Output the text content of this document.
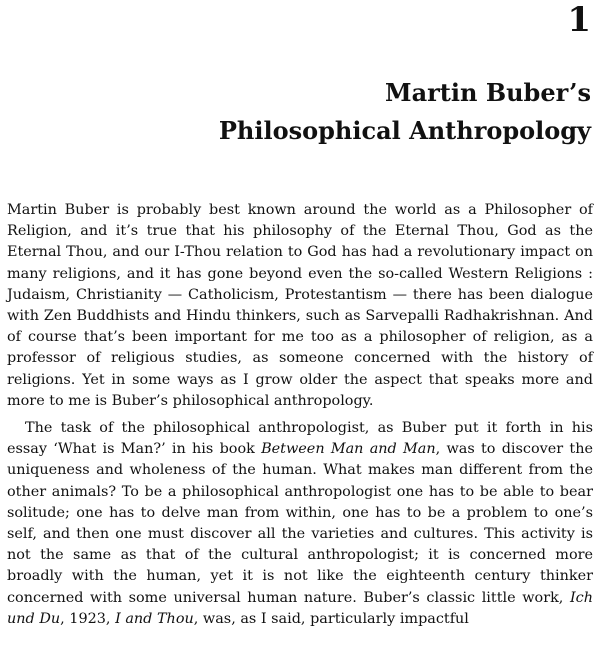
1
Martin Buber’s
Philosophical Anthropology

Martin Buber is probably best known around the world as a Philosopher of Religion, and it’s true that his philosophy of the Eternal Thou, God as the Eternal Thou, and our I-Thou relation to God has had a revolutionary impact on many religions, and it has gone beyond even the so-called Western Religions : Judaism, Christianity — Catholicism, Protestantism — there has been dialogue with Zen Buddhists and Hindu thinkers, such as Sarvepalli Radhakrishnan. And of course that’s been important for me too as a philosopher of religion, as a professor of religious studies, as someone concerned with the history of religions. Yet in some ways as I grow older the aspect that speaks more and more to me is Buber’s philosophical anthropology.

The task of the philosophical anthropologist, as Buber put it forth in his essay ‘What is Man?’ in his book Between Man and Man, was to discover the uniqueness and wholeness of the human. What makes man different from the other animals? To be a philosophical anthropologist one has to be able to bear solitude; one has to delve man from within, one has to be a problem to one’s self, and then one must discover all the varieties and cultures. This activity is not the same as that of the cultural anthropologist; it is concerned more broadly with the human, yet it is not like the eighteenth century thinker concerned with some universal human nature. Buber’s classic little work, Ich und Du, 1923, I and Thou, was, as I said, particularly impactful
